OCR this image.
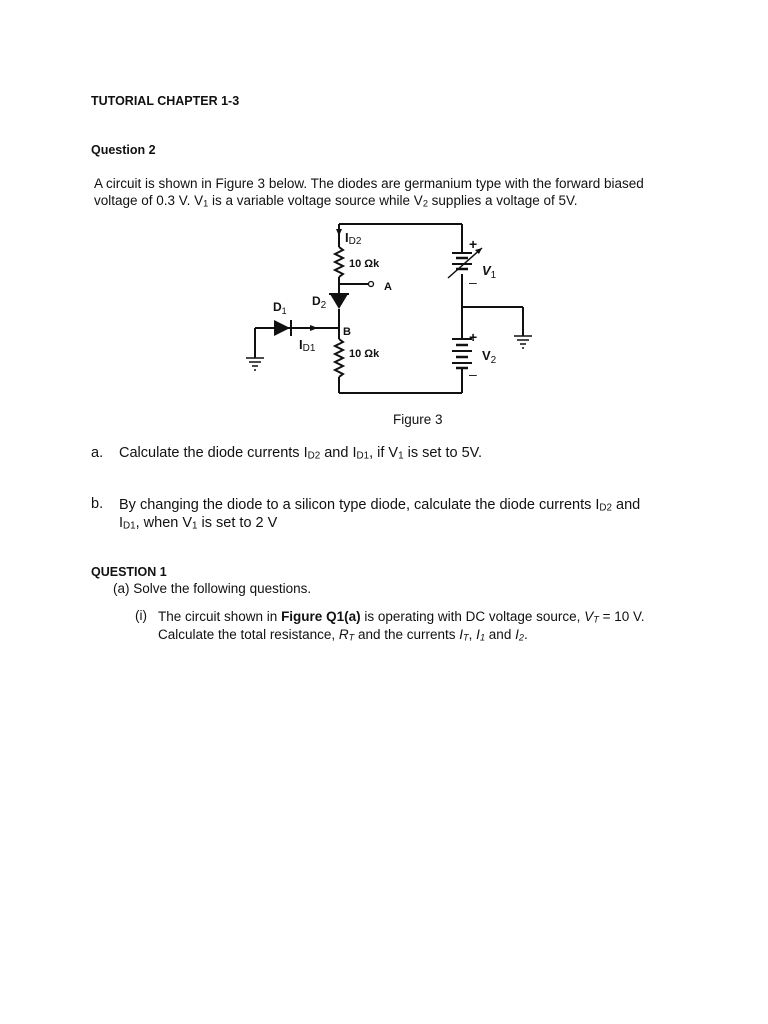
TUTORIAL CHAPTER 1-3
Question 2
A circuit is shown in Figure 3 below. The diodes are germanium type with the forward biased
voltage of 0.3 V. $V_1$ is a variable voltage source while $V_2$ supplies a voltage of 5V.
ID2
10 Ωk
A
$D_2$
$D_1$
B
ID1	10 Ωk
+
–
$V_1$
+
–
$V_2$
Figure 3
a. Calculate the diode currents $I_{D2}$ and $I_{D1}$, if $V_1$ is set to 5V.
b. By changing the diode to a silicon type diode, calculate the diode currents $I_{D2}$ and
$I_{D1}$, when $V_1$ is set to 2 V
QUESTION 1
(a) Solve the following questions.
(i) The circuit shown in Figure Q1(a) is operating with DC voltage source, $V_T = 10$ V.
Calculate the total resistance, $R_T$ and the currents $I_T$, $I_1$ and $I_2$.
